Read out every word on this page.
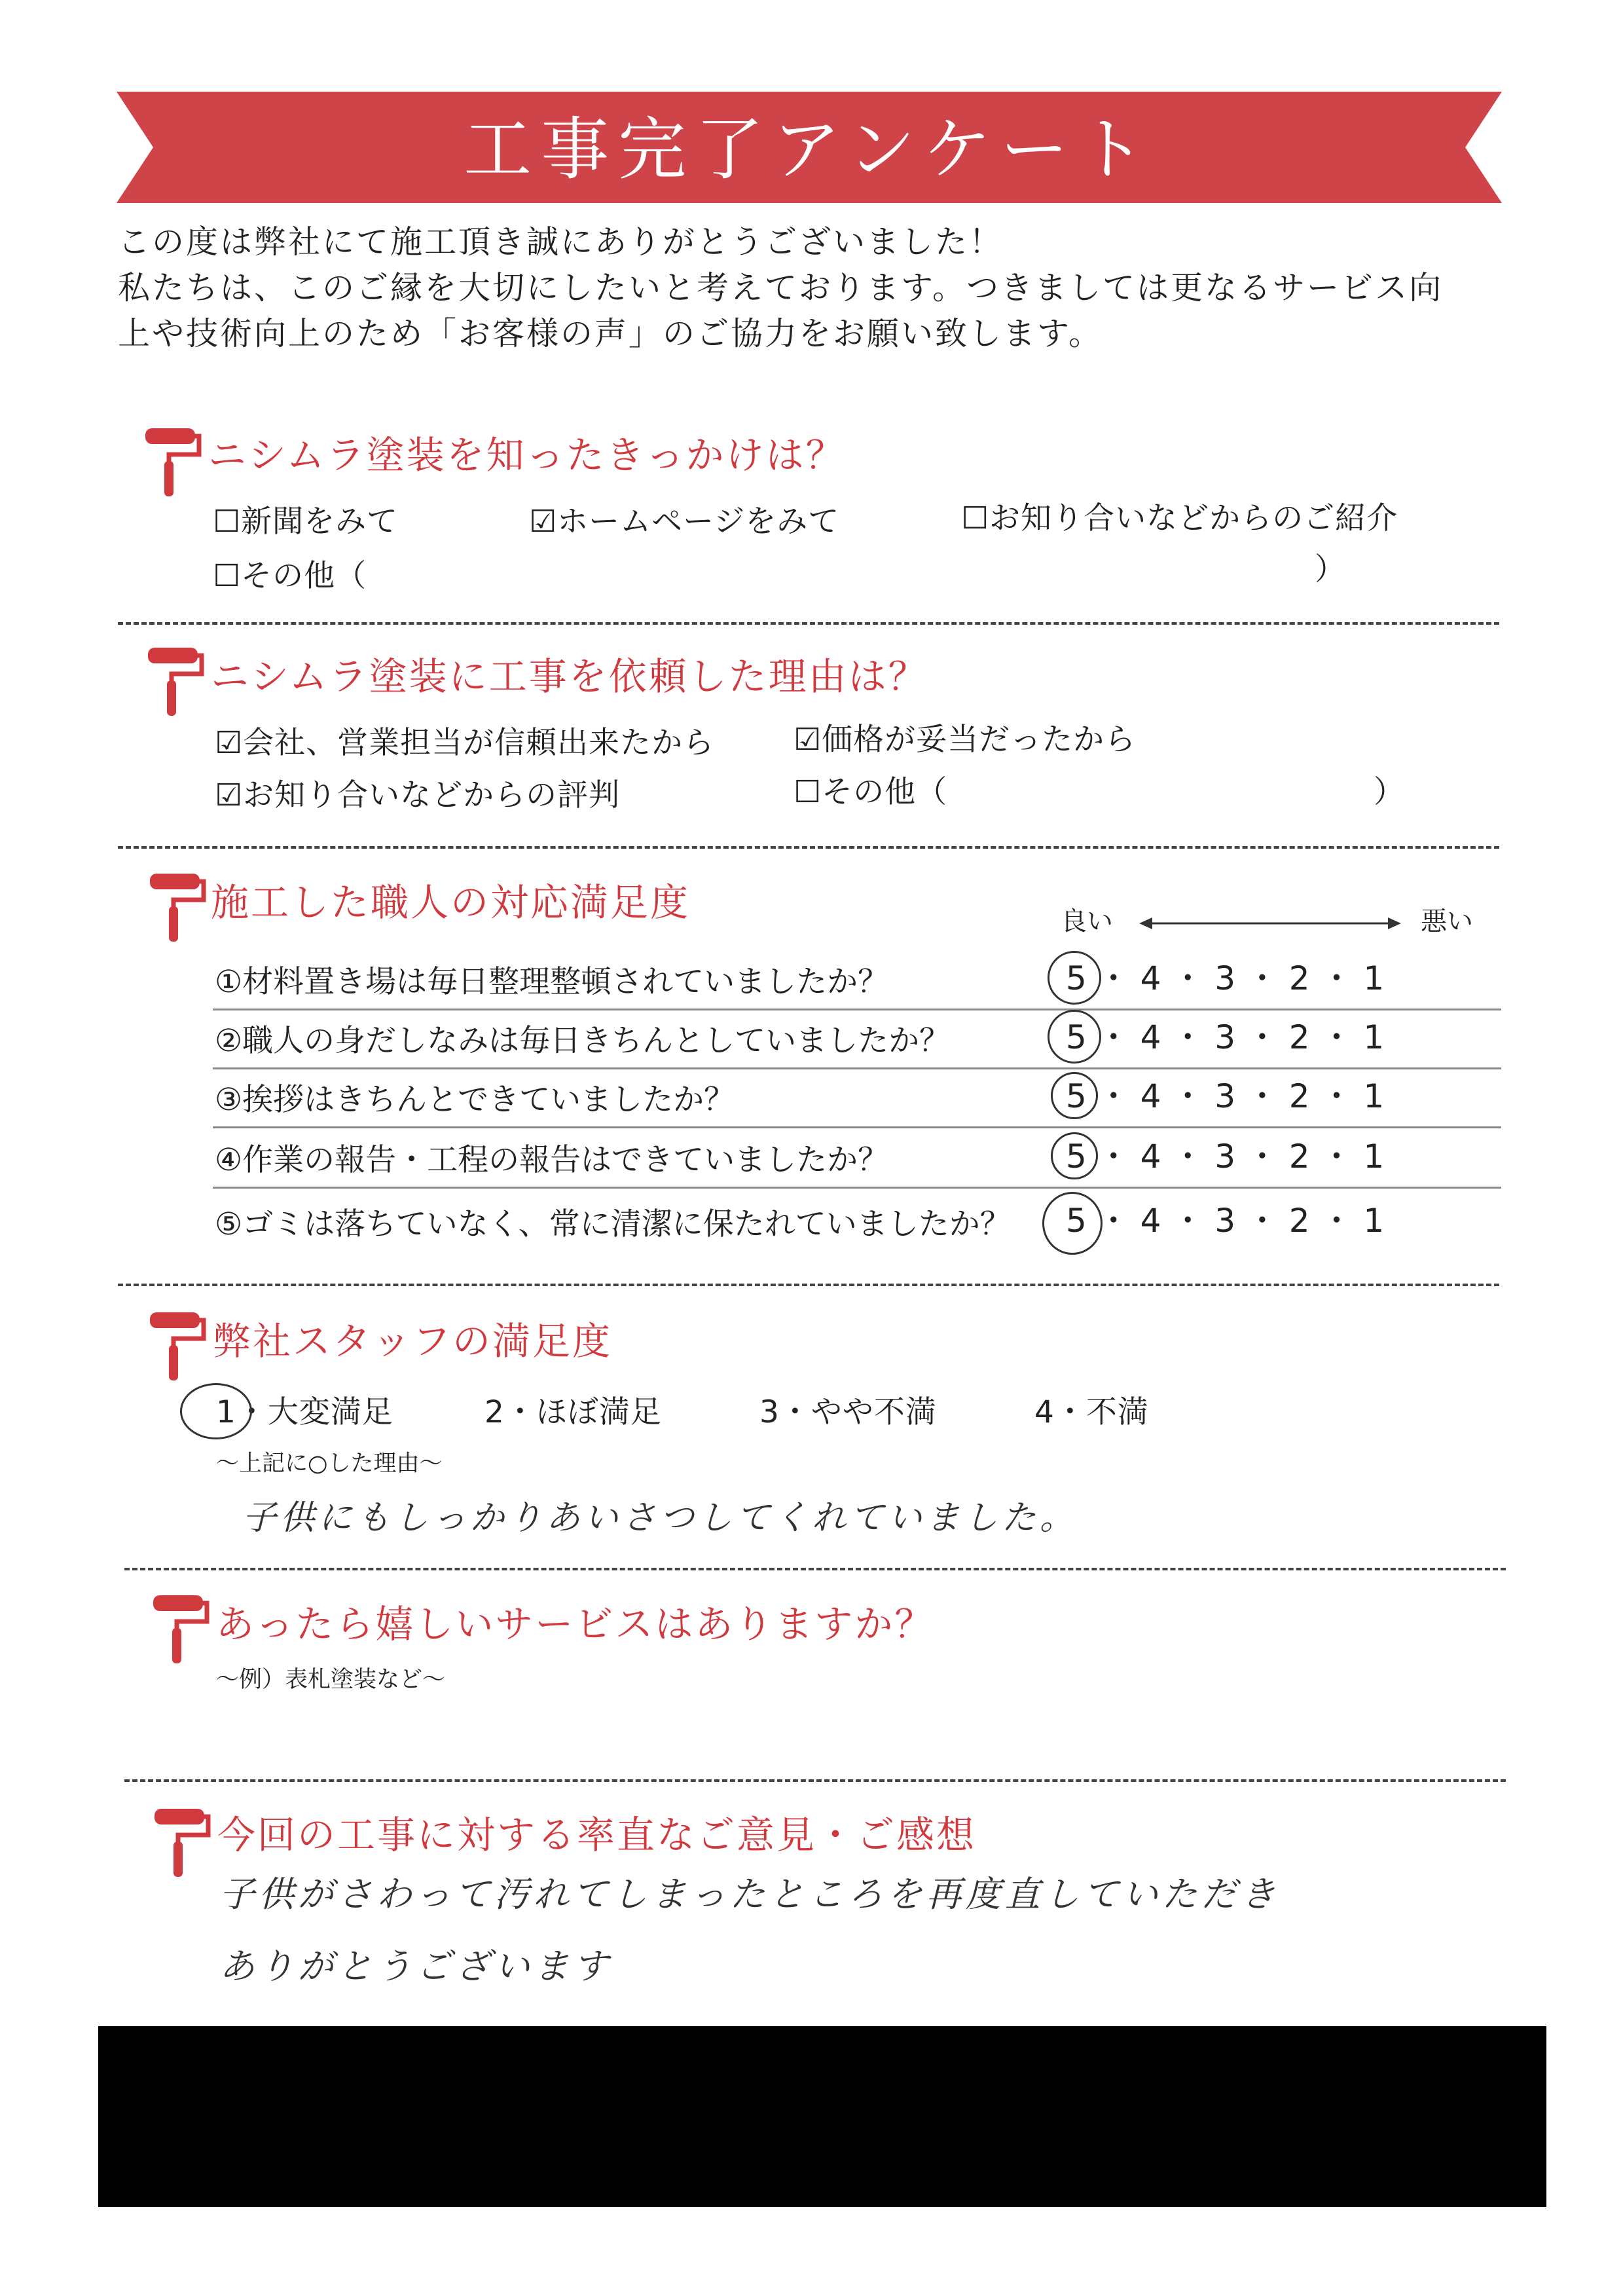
工事完了アンケート
この度は弊社にて施工頂き誠にありがとうございました！
私たちは、このご縁を大切にしたいと考えております。つきましては更なるサービス向
上や技術向上のため「お客様の声」のご協力をお願い致します。
ニシムラ塗装を知ったきっかけは？
☐新聞をみて	☑ホームページをみて	☐お知り合いなどからのご紹介
☐その他（	）
ニシムラ塗装に工事を依頼した理由は？
☑会社、営業担当が信頼出来たから	☑価格が妥当だったから
☑お知り合いなどからの評判	☐その他（	）
施工した職人の対応満足度	良い	悪い
①材料置き場は毎日整理整頓されていましたか？	5 ・ 4 ・ 3 ・ 2 ・ 1
②職人の身だしなみは毎日きちんとしていましたか？	5 ・ 4 ・ 3 ・ 2 ・ 1
③挨拶はきちんとできていましたか？	5 ・ 4 ・ 3 ・ 2 ・ 1
④作業の報告・工程の報告はできていましたか？	5 ・ 4 ・ 3 ・ 2 ・ 1
⑤ゴミは落ちていなく、常に清潔に保たれていましたか？ 5 ・ 4 ・ 3 ・ 2 ・ 1
弊社スタッフの満足度
1・大変満足	2・ほぼ満足	3・やや不満	4・不満
～上記に○した理由～
子供にもしっかりあいさつしてくれていました。
あったら嬉しいサービスはありますか？
～例）表札塗装など～
今回の工事に対する率直なご意見・ご感想
子供がさわって汚れてしまったところを再度直していただき
ありがとうございます
